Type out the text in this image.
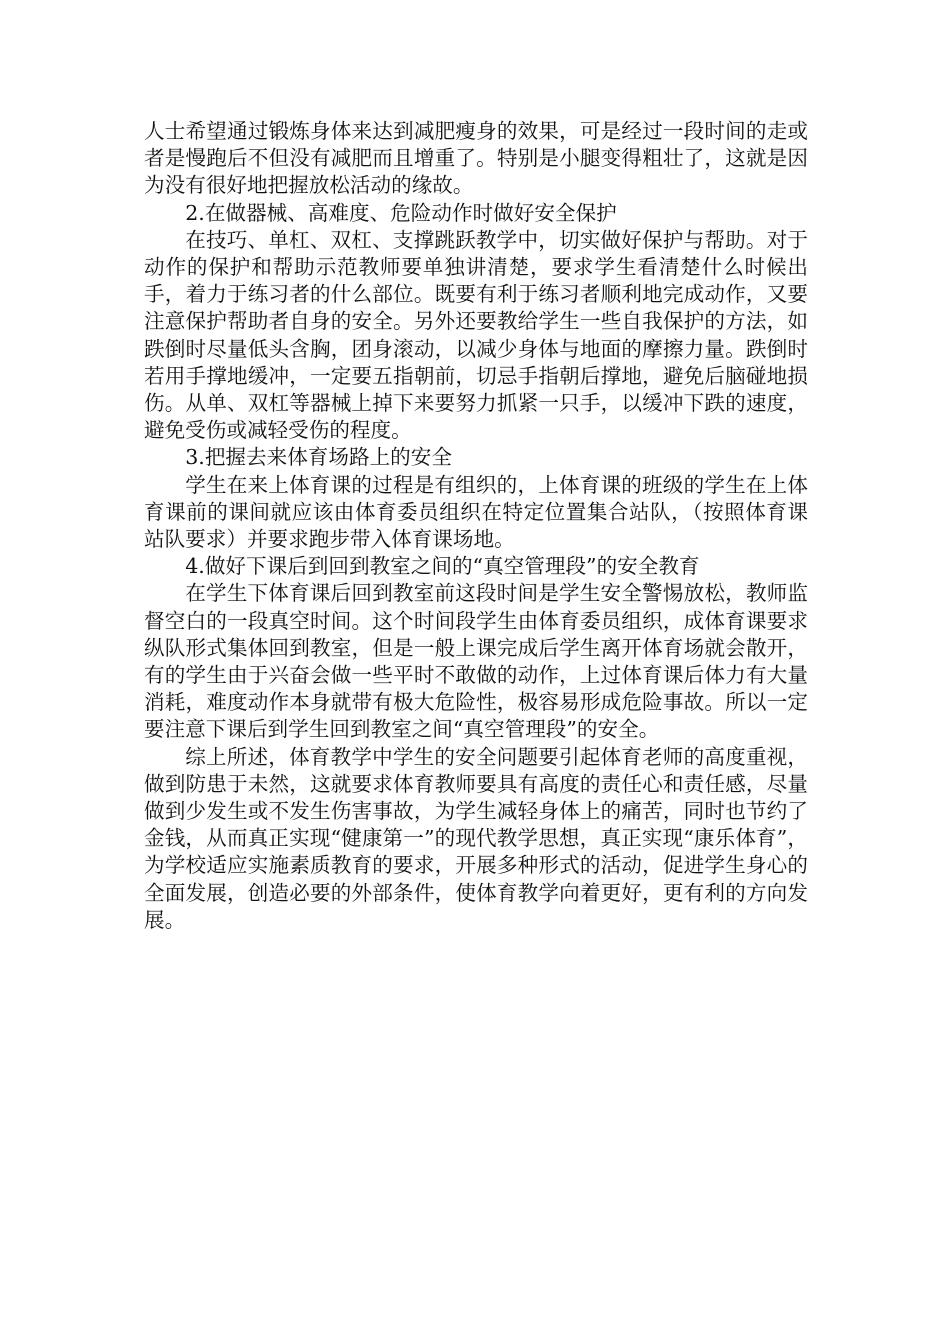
人士希望通过锻炼身体来达到减肥瘦身的效果，可是经过一段时间的走或者是慢跑后不但没有减肥而且增重了。特别是小腿变得粗壮了，这就是因为没有很好地把握放松活动的缘故。

2.在做器械、高难度、危险动作时做好安全保护

在技巧、单杠、双杠、支撑跳跃教学中，切实做好保护与帮助。对于动作的保护和帮助示范教师要单独讲清楚，要求学生看清楚什么时候出手，着力于练习者的什么部位。既要有利于练习者顺利地完成动作，又要注意保护帮助者自身的安全。另外还要教给学生一些自我保护的方法，如跌倒时尽量低头含胸，团身滚动，以减少身体与地面的摩擦力量。跌倒时若用手撑地缓冲，一定要五指朝前，切忌手指朝后撑地，避免后脑碰地损伤。从单、双杠等器械上掉下来要努力抓紧一只手，以缓冲下跌的速度，避免受伤或减轻受伤的程度。

3.把握去来体育场路上的安全

学生在来上体育课的过程是有组织的，上体育课的班级的学生在上体育课前的课间就应该由体育委员组织在特定位置集合站队，（按照体育课站队要求）并要求跑步带入体育课场地。

4.做好下课后到回到教室之间的“真空管理段”的安全教育

在学生下体育课后回到教室前这段时间是学生安全警惕放松，教师监督空白的一段真空时间。这个时间段学生由体育委员组织，成体育课要求纵队形式集体回到教室，但是一般上课完成后学生离开体育场就会散开，有的学生由于兴奋会做一些平时不敢做的动作，上过体育课后体力有大量消耗，难度动作本身就带有极大危险性，极容易形成危险事故。所以一定要注意下课后到学生回到教室之间“真空管理段”的安全。

综上所述，体育教学中学生的安全问题要引起体育老师的高度重视，做到防患于未然，这就要求体育教师要具有高度的责任心和责任感，尽量做到少发生或不发生伤害事故，为学生减轻身体上的痛苦，同时也节约了金钱，从而真正实现“健康第一”的现代教学思想，真正实现“康乐体育”，为学校适应实施素质教育的要求，开展多种形式的活动，促进学生身心的全面发展，创造必要的外部条件，使体育教学向着更好，更有利的方向发展。
